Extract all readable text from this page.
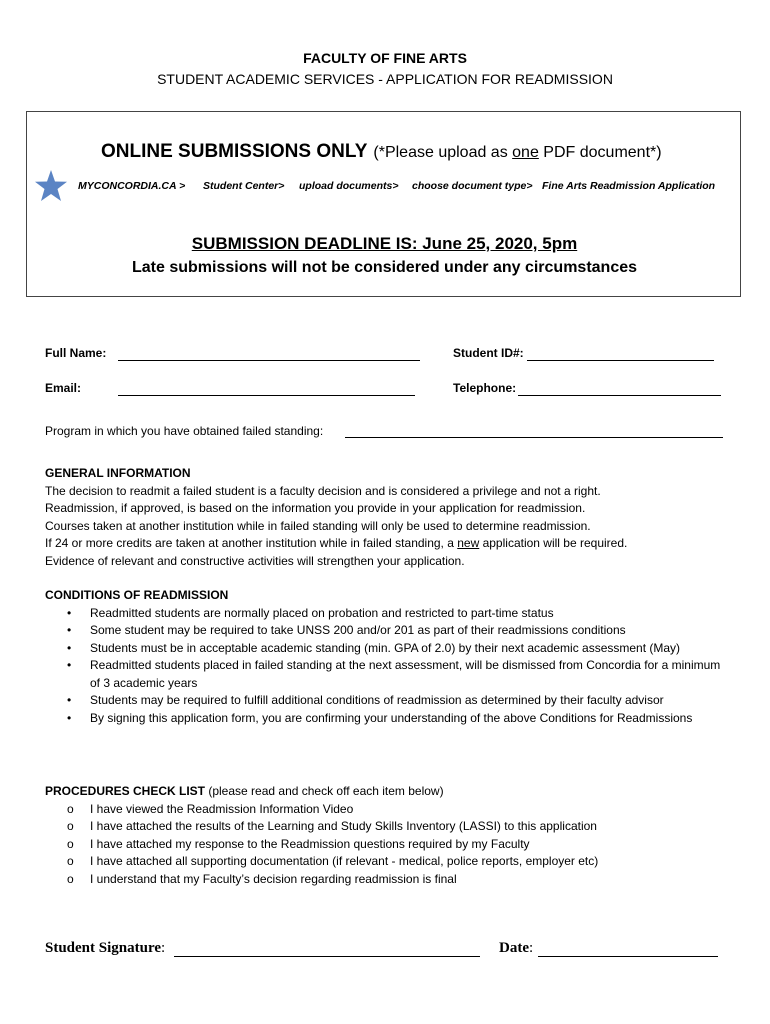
FACULTY OF FINE ARTS
STUDENT ACADEMIC SERVICES - APPLICATION FOR READMISSION
ONLINE SUBMISSIONS ONLY (*Please upload as one PDF document*)
MYCONCORDIA.CA > Student Center> upload documents> choose document type> Fine Arts Readmission Application
SUBMISSION DEADLINE IS: June 25, 2020, 5pm
Late submissions will not be considered under any circumstances
Full Name:	Student ID#:
Email:	Telephone:
Program in which you have obtained failed standing:

GENERAL INFORMATION

The decision to readmit a failed student is a faculty decision and is considered a privilege and not a right.

Readmission, if approved, is based on the information you provide in your application for readmission.

Courses taken at another institution while in failed standing will only be used to determine readmission.

If 24 or more credits are taken at another institution while in failed standing, a new application will be required.

Evidence of relevant and constructive activities will strengthen your application.

CONDITIONS OF READMISSION

• Readmitted students are normally placed on probation and restricted to part-time status
• Some student may be required to take UNSS 200 and/or 201 as part of their readmissions conditions
• Students must be in acceptable academic standing (min. GPA of 2.0) by their next academic assessment (May)
• Readmitted students placed in failed standing at the next assessment, will be dismissed from Concordia for a minimum of 3 academic years
• Students may be required to fulfill additional conditions of readmission as determined by their faculty advisor
• By signing this application form, you are confirming your understanding of the above Conditions for Readmissions

PROCEDURES CHECK LIST (please read and check off each item below)

o I have viewed the Readmission Information Video
o I have attached the results of the Learning and Study Skills Inventory (LASSI) to this application
o I have attached my response to the Readmission questions required by my Faculty
o I have attached all supporting documentation (if relevant - medical, police reports, employer etc)
o I understand that my Faculty’s decision regarding readmission is final
Student Signature:	Date:
